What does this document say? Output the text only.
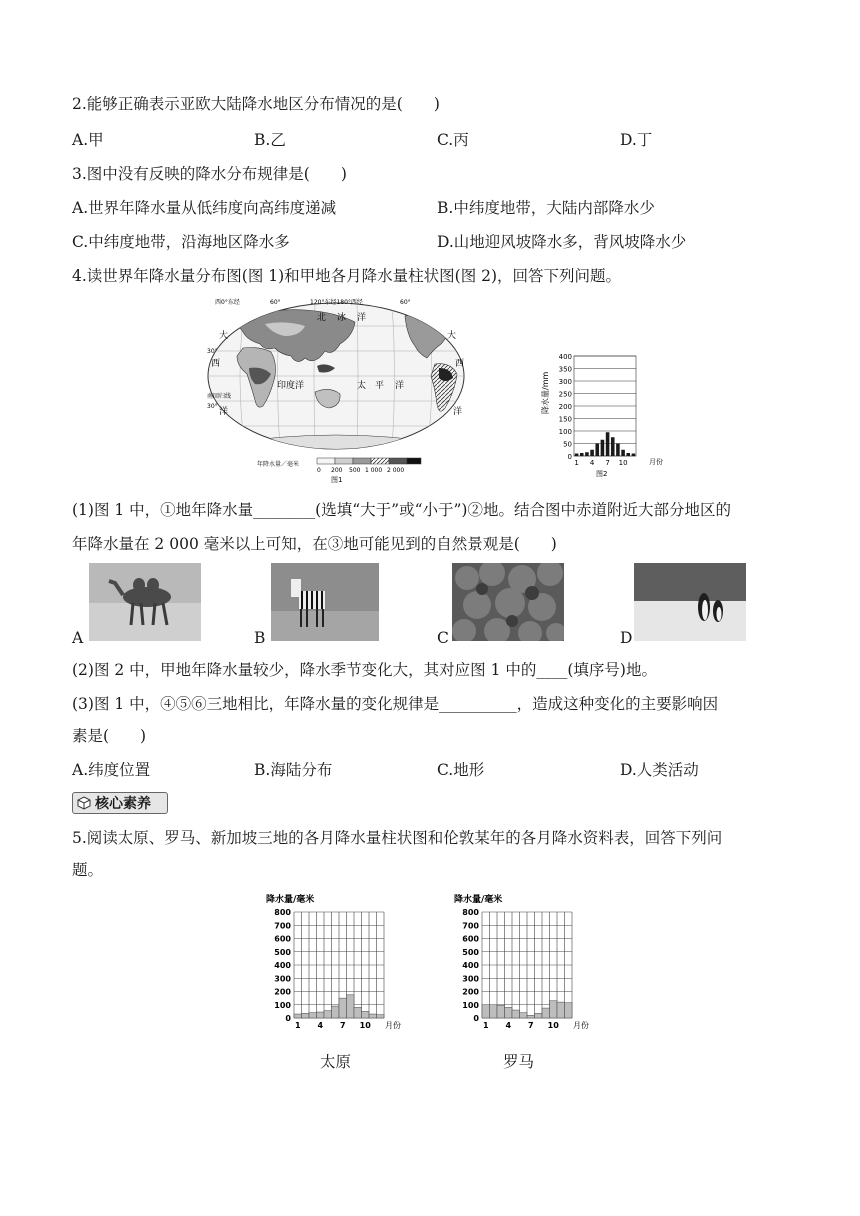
2.能够正确表示亚欧大陆降水地区分布情况的是(　　)
A.甲	B.乙	C.丙	D.丁
3.图中没有反映的降水分布规律是(　　)
A.世界年降水量从低纬度向高纬度递减	B.中纬度地带，大陆内部降水少
C.中纬度地带，沿海地区降水多	D.山地迎风坡降水多，背风坡降水少
4.读世界年降水量分布图(图 1)和甲地各月降水量柱状图(图 2)，回答下列问题。
西0°东经	60°	120°东经180°西经	60°
北 冰 洋
大	大
西
洋
西
洋
印度洋	太 平 洋
30°
南回归线
30°
年降水量／毫米
0 200 500 1 000 2 000
图1
400
350
300
250
200
150
100
50
0
1 4 7 10
降水量/mm
月份
图2
(1)图 1 中，①地年降水量________(选填“大于”或“小于”)②地。结合图中赤道附近大部分地区的
年降水量在 2 000 毫米以上可知，在③地可能见到的自然景观是(　　)
A	B	C	D
(2)图 2 中，甲地年降水量较少，降水季节变化大，其对应图 1 中的____(填序号)地。
(3)图 1 中，④⑤⑥三地相比，年降水量的变化规律是__________，造成这种变化的主要影响因
素是(　　)
A.纬度位置	B.海陆分布	C.地形	D.人类活动
核心素养
5.阅读太原、罗马、新加坡三地的各月降水量柱状图和伦敦某年的各月降水资料表，回答下列问
题。
降水量/毫米
800
700
600
500
400
300
200
100
0
1 4 7 10 月份
太原
降水量/毫米
800
700
600
500
400
300
200
100
0
1 4 7 10 月份
罗马
